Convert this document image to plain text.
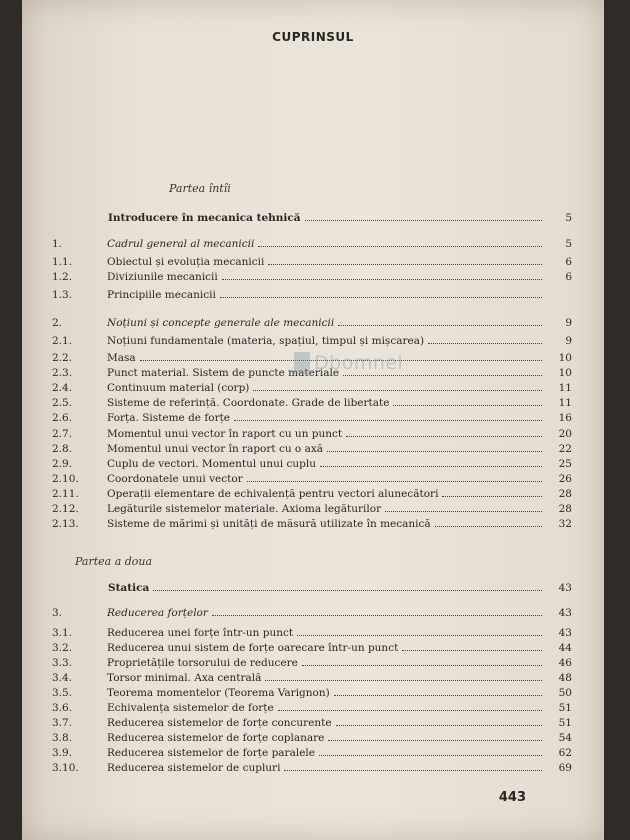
CUPRINSUL
Partea întîi
Partea a doua
Introducere în mecanica tehnică	5
1.	Cadrul general al mecanicii	5
1.1.	Obiectul și evoluția mecanicii	6
1.2.	Diviziunile mecanicii	6
1.3.	Principiile mecanicii
2.	Noțiuni și concepte generale ale mecanicii	9
2.1.	Noțiuni fundamentale (materia, spațiul, timpul și mișcarea)	9
2.2.	Masa	10
2.3.	Punct material. Sistem de puncte materiale	10
2.4.	Continuum material (corp)	11
2.5.	Sisteme de referință. Coordonate. Grade de libertate	11
2.6.	Forța. Sisteme de forțe	16
2.7.	Momentul unui vector în raport cu un punct	20
2.8.	Momentul unui vector în raport cu o axă	22
2.9.	Cuplu de vectori. Momentul unui cuplu	25
2.10.	Coordonatele unui vector	26
2.11.	Operații elementare de echivalență pentru vectori alunecători	28
2.12.	Legăturile sistemelor materiale. Axioma legăturilor	28
2.13.	Sisteme de mărimi și unități de măsură utilizate în mecanică	32
Statica	43
3.	Reducerea forțelor	43
3.1.	Reducerea unei forțe într-un punct	43
3.2.	Reducerea unui sistem de forțe oarecare într-un punct	44
3.3.	Proprietățile torsorului de reducere	46
3.4.	Torsor minimal. Axa centrală	48
3.5.	Teorema momentelor (Teorema Varignon)	50
3.6.	Echivalența sistemelor de forțe	51
3.7.	Reducerea sistemelor de forțe concurente	51
3.8.	Reducerea sistemelor de forțe coplanare	54
3.9.	Reducerea sistemelor de forțe paralele	62
3.10.	Reducerea sistemelor de cupluri	69
Dbomnel
443
